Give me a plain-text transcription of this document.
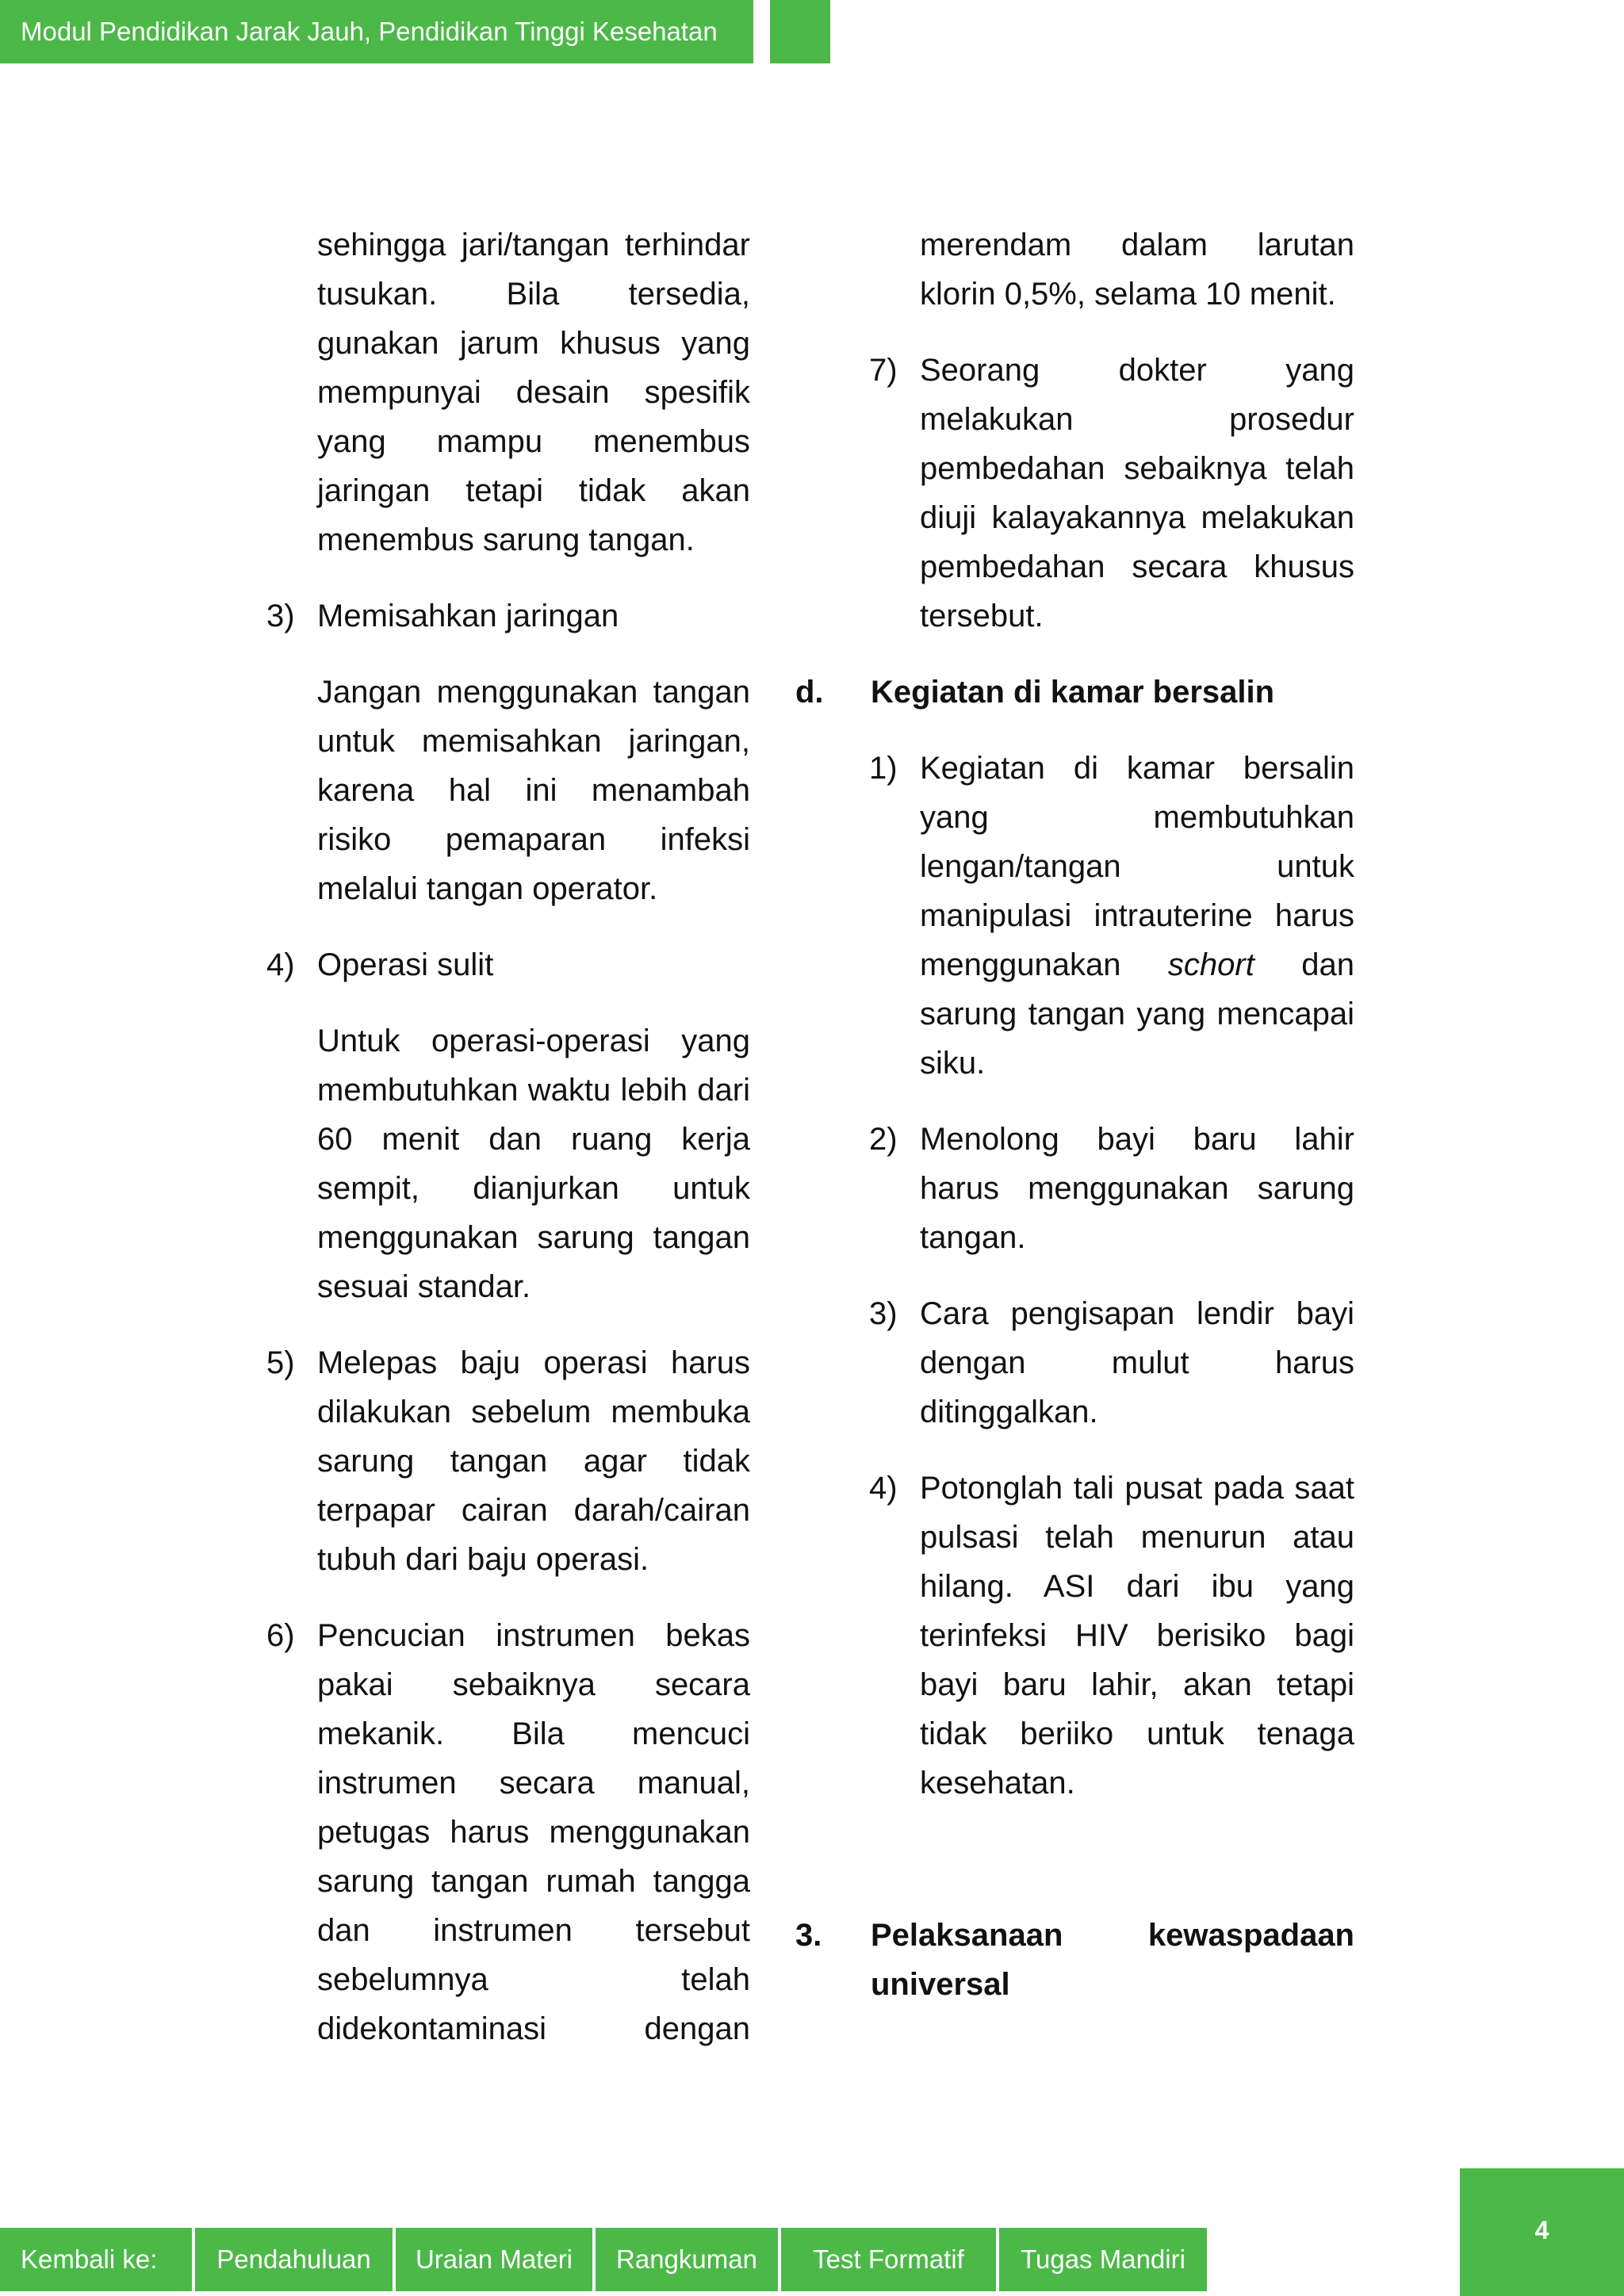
Modul Pendidikan Jarak Jauh, Pendidikan Tinggi Kesehatan

sehingga jari/tangan terhindar tusukan. Bila tersedia, gunakan jarum khusus yang mempunyai desain spesifik yang mampu menembus jaringan tetapi tidak akan menembus sarung tangan.

3) Memisahkan jaringan

Jangan menggunakan tangan untuk memisahkan jaringan, karena hal ini menambah risiko pemaparan infeksi melalui tangan operator.

4) Operasi sulit

Untuk operasi-operasi yang membutuhkan waktu lebih dari 60 menit dan ruang kerja sempit, dianjurkan untuk menggunakan sarung tangan sesuai standar.

5) Melepas baju operasi harus dilakukan sebelum membuka sarung tangan agar tidak terpapar cairan darah/cairan tubuh dari baju operasi.

6) Pencucian instrumen bekas pakai sebaiknya secara mekanik. Bila mencuci instrumen secara manual, petugas harus menggunakan sarung tangan rumah tangga dan instrumen tersebut sebelumnya telah didekontaminasi dengan

merendam dalam larutan klorin 0,5%, selama 10 menit.

7) Seorang dokter yang melakukan prosedur pembedahan sebaiknya telah diuji kalayakannya melakukan pembedahan secara khusus tersebut.

d. Kegiatan di kamar bersalin

1) Kegiatan di kamar bersalin yang membutuhkan lengan/tangan untuk manipulasi intrauterine harus menggunakan schort dan sarung tangan yang mencapai siku.

2) Menolong bayi baru lahir harus menggunakan sarung tangan.

3) Cara pengisapan lendir bayi dengan mulut harus ditinggalkan.

4) Potonglah tali pusat pada saat pulsasi telah menurun atau hilang. ASI dari ibu yang terinfeksi HIV berisiko bagi bayi baru lahir, akan tetapi tidak beriiko untuk tenaga kesehatan.

3. Pelaksanaan kewaspadaan universal

Kembali ke:	Pendahuluan	Uraian Materi	Rangkuman	Test Formatif	Tugas Mandiri
4
